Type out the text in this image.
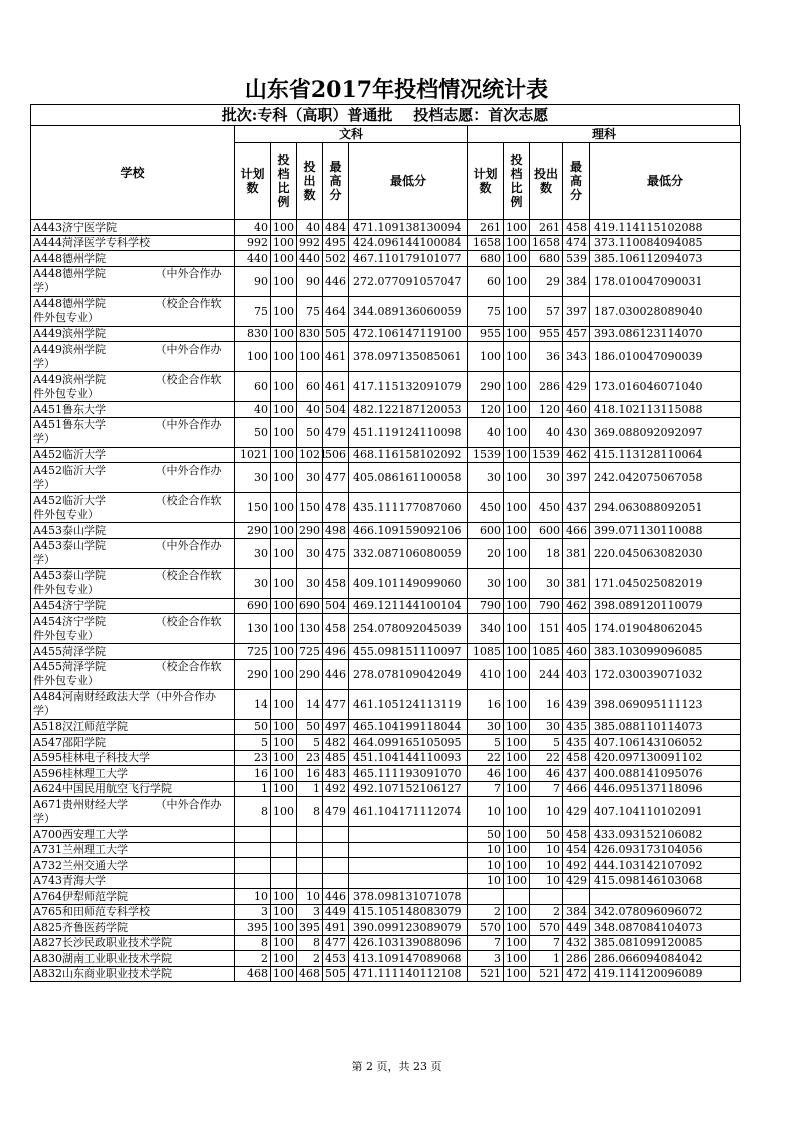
山东省2017年投档情况统计表
批次:专科（高职）普通批    投档志愿：首次志愿
学校	文科					理科				
	计划数	投档比例	投出数	最高分	最低分	计划数	投档比例	投出数	最高分	最低分
A443济宁医学院	40	100	40	484	471.109138130094	261	100	261	458	419.114115102088
A444菏泽医学专科学校	992	100	992	495	424.096144100084	1658	100	1658	474	373.110084094085
A448德州学院	440	100	440	502	467.110179101077	680	100	680	539	385.106112094073
A448德州学院　　　　　（中外合作办学）	90	100	90	446	272.077091057047	60	100	29	384	178.010047090031
A448德州学院　　　　　（校企合作软件外包专业）	75	100	75	464	344.089136060059	75	100	57	397	187.030028089040
A449滨州学院	830	100	830	505	472.106147119100	955	100	955	457	393.086123114070
A449滨州学院　　　　　（中外合作办学）	100	100	100	461	378.097135085061	100	100	36	343	186.010047090039
A449滨州学院　　　　　（校企合作软件外包专业）	60	100	60	461	417.115132091079	290	100	286	429	173.016046071040
A451鲁东大学	40	100	40	504	482.122187120053	120	100	120	460	418.102113115088
A451鲁东大学　　　　　（中外合作办学）	50	100	50	479	451.119124110098	40	100	40	430	369.088092092097
A452临沂大学	1021	100	1021	506	468.116158102092	1539	100	1539	462	415.113128110064
A452临沂大学　　　　　（中外合作办学）	30	100	30	477	405.086161100058	30	100	30	397	242.042075067058
A452临沂大学　　　　　（校企合作软件外包专业）	150	100	150	478	435.111177087060	450	100	450	437	294.063088092051
A453泰山学院	290	100	290	498	466.109159092106	600	100	600	466	399.071130110088
A453泰山学院　　　　　（中外合作办学）	30	100	30	475	332.087106080059	20	100	18	381	220.045063082030
A453泰山学院　　　　　（校企合作软件外包专业）	30	100	30	458	409.101149099060	30	100	30	381	171.045025082019
A454济宁学院	690	100	690	504	469.121144100104	790	100	790	462	398.089120110079
A454济宁学院　　　　　（校企合作软件外包专业）	130	100	130	458	254.078092045039	340	100	151	405	174.019048062045
A455菏泽学院	725	100	725	496	455.098151110097	1085	100	1085	460	383.103099096085
A455菏泽学院　　　　　（校企合作软件外包专业）	290	100	290	446	278.078109042049	410	100	244	403	172.030039071032
A484河南财经政法大学（中外合作办学）	14	100	14	477	461.105124113119	16	100	16	439	398.069095111123
A518汉江师范学院	50	100	50	497	465.104199118044	30	100	30	435	385.088110114073
A547邵阳学院	5	100	5	482	464.099165105095	5	100	5	435	407.106143106052
A595桂林电子科技大学	23	100	23	485	451.104144110093	22	100	22	458	420.097130091102
A596桂林理工大学	16	100	16	483	465.111193091070	46	100	46	437	400.088141095076
A624中国民用航空飞行学院	1	100	1	492	492.107152106127	7	100	7	466	446.095137118096
A671贵州财经大学　　　（中外合作办学）	8	100	8	479	461.104171112074	10	100	10	429	407.104110102091
A700西安理工大学						50	100	50	458	433.093152106082
A731兰州理工大学						10	100	10	454	426.093173104056
A732兰州交通大学						10	100	10	492	444.103142107092
A743青海大学						10	100	10	429	415.098146103068
A764伊犁师范学院	10	100	10	446	378.098131071078					
A765和田师范专科学校	3	100	3	449	415.105148083079	2	100	2	384	342.078096096072
A825齐鲁医药学院	395	100	395	491	390.099123089079	570	100	570	449	348.087084104073
A827长沙民政职业技术学院	8	100	8	477	426.103139088096	7	100	7	432	385.081099120085
A830湖南工业职业技术学院	2	100	2	453	413.109147089068	3	100	1	286	286.066094084042
A832山东商业职业技术学院	468	100	468	505	471.111140112108	521	100	521	472	419.114120096089
第 2 页，共 23 页
